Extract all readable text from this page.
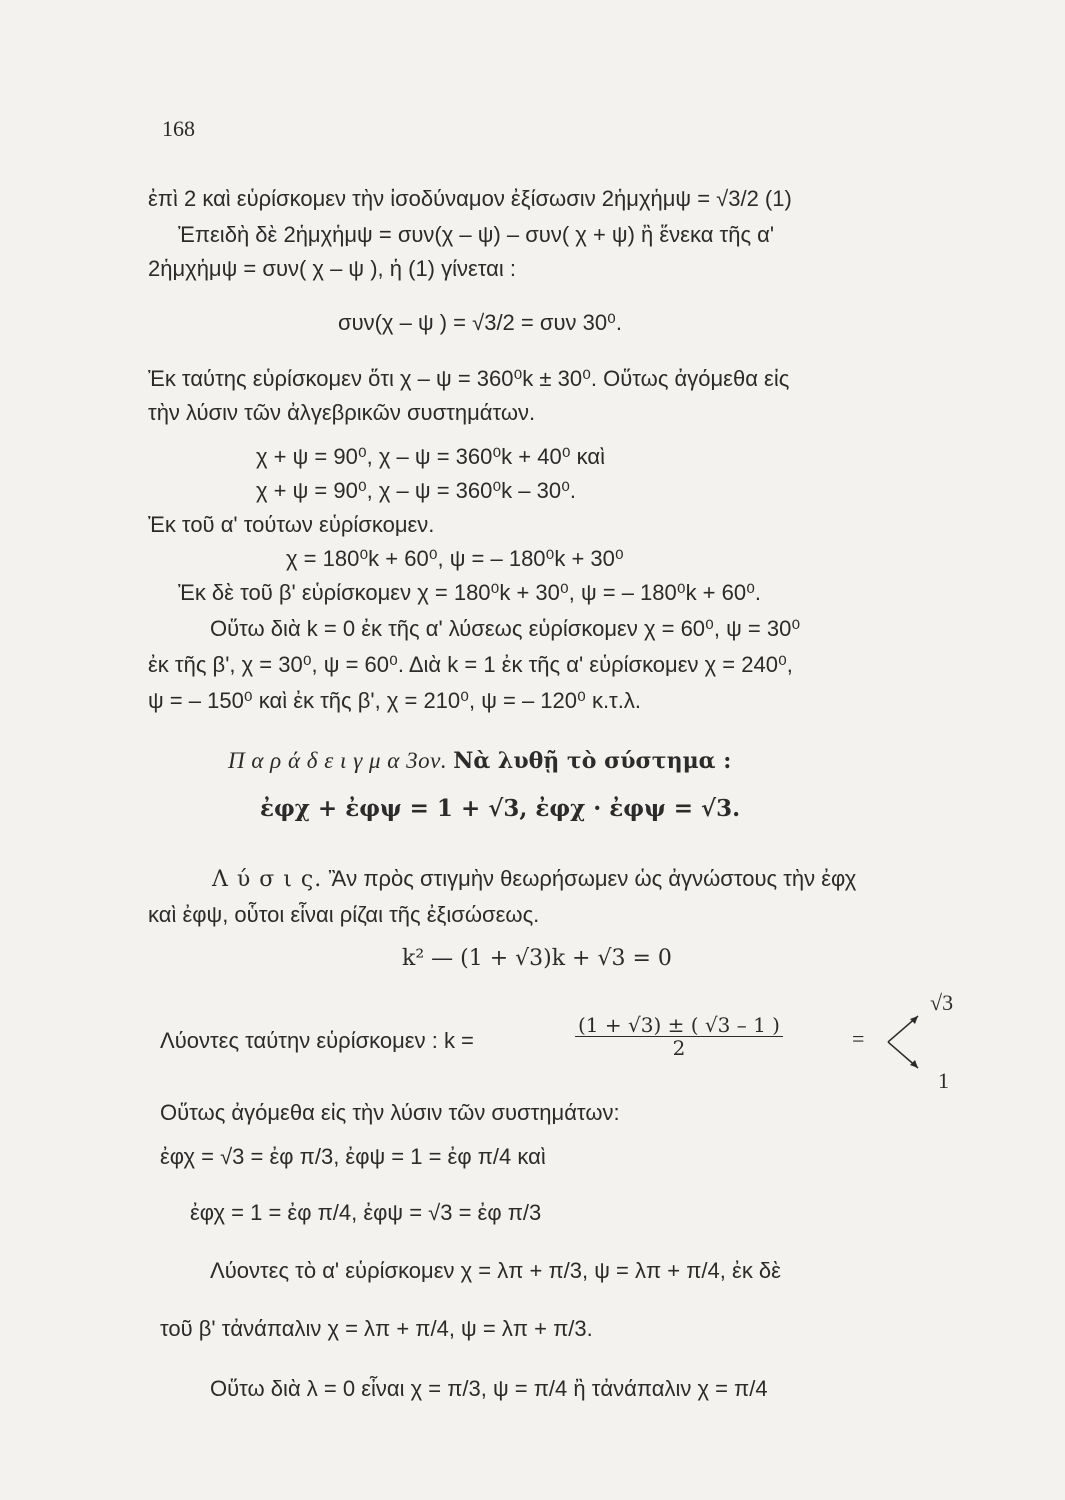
168
ἐπὶ 2 καὶ εὑρίσκομεν τὴν ἰσοδύναμον ἐξίσωσιν 2ἡμχἡμψ = √3/2 (1)
Ἐπειδὴ δὲ 2ἡμχἡμψ = συν(χ – ψ) – συν( χ + ψ) ἢ ἕνεκα τῆς α'
2ἡμχἡμψ = συν( χ – ψ ), ἡ (1) γίνεται :
συν(χ – ψ ) = √3/2 = συν 30⁰.
Ἐκ ταύτης εὑρίσκομεν ὅτι χ – ψ = 360⁰k ± 30⁰. Οὕτως ἀγόμεθα εἰς
τὴν λύσιν τῶν ἀλγεβρικῶν συστημάτων.
χ + ψ = 90⁰, χ – ψ = 360⁰k + 40⁰ καὶ
χ + ψ = 90⁰, χ – ψ = 360⁰k – 30⁰.
Ἐκ τοῦ α' τούτων εὑρίσκομεν.
χ = 180⁰k + 60⁰, ψ = – 180⁰k + 30⁰
Ἐκ δὲ τοῦ β' εὑρίσκομεν χ = 180⁰k + 30⁰, ψ = – 180⁰k + 60⁰.
Οὕτω διὰ k = 0 ἐκ τῆς α' λύσεως εὑρίσκομεν χ = 60⁰, ψ = 30⁰
ἐκ τῆς β', χ = 30⁰, ψ = 60⁰. Διὰ k = 1 ἐκ τῆς α' εὑρίσκομεν χ = 240⁰,
ψ = – 150⁰ καὶ ἐκ τῆς β', χ = 210⁰, ψ = – 120⁰ κ.τ.λ.
Π α ρ ά δ ε ι γ μ α 3ον. Νὰ λυθῇ τὸ σύστημα :
ἐφχ + ἐφψ = 1 + √3, ἐφχ · ἐφψ = √3.
Λ ύ σ ι ς. Ἂν πρὸς στιγμὴν θεωρήσωμεν ὡς ἀγνώστους τὴν ἐφχ
καὶ ἐφψ, οὗτοι εἶναι ρίζαι τῆς ἐξισώσεως.
k² — (1 + √3)k + √3 = 0
Λύοντες ταύτην εὑρίσκομεν : k =	$\frac{(1 + √3) \pm ( √3 - 1 )}{2}$	=
√3
1
Οὕτως ἀγόμεθα εἰς τὴν λύσιν τῶν συστημάτων:
ἐφχ = √3 = ἐφ π/3, ἐφψ = 1 = ἐφ π/4 καὶ
ἐφχ = 1 = ἐφ π/4, ἐφψ = √3 = ἐφ π/3
Λύοντες τὸ α' εὑρίσκομεν χ = λπ + π/3, ψ = λπ + π/4, ἐκ δὲ
τοῦ β' τἀνάπαλιν χ = λπ + π/4, ψ = λπ + π/3.
Οὕτω διὰ λ = 0 εἶναι χ = π/3, ψ = π/4 ἢ τἀνάπαλιν χ = π/4
